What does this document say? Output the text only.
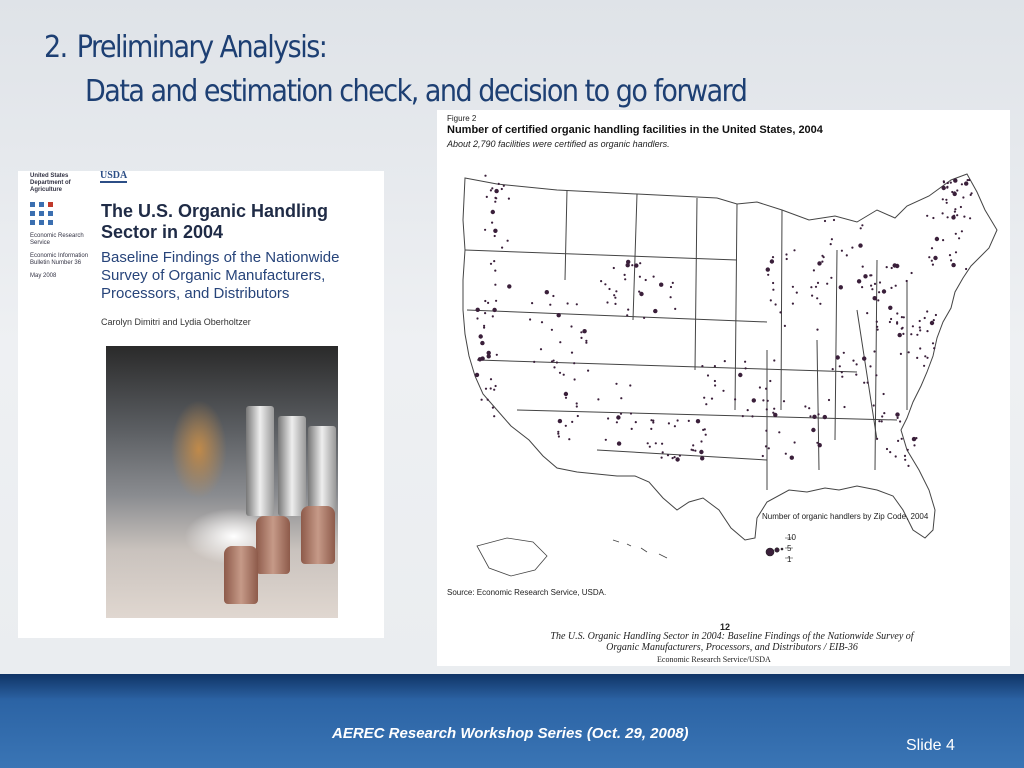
2. Preliminary Analysis:
Data and estimation check, and decision to go forward
United States Department of Agriculture
Economic Research Service
Economic Information Bulletin Number 36
May 2008
USDA
The U.S. Organic Handling Sector in 2004
Baseline Findings of the Nationwide Survey of Organic Manufacturers, Processors, and Distributors
Carolyn Dimitri and Lydia Oberholtzer
Figure 2
Number of certified organic handling facilities in the United States, 2004
About 2,790 facilities were certified as organic handlers.
Number of organic handlers by Zip Code, 2004
10
5
1
Source: Economic Research Service, USDA.
12
The U.S. Organic Handling Sector in 2004: Baseline Findings of the Nationwide Survey of Organic Manufacturers, Processors, and Distributors / EIB-36
Economic Research Service/USDA
AEREC Research Workshop Series (Oct. 29, 2008)
Slide 4
